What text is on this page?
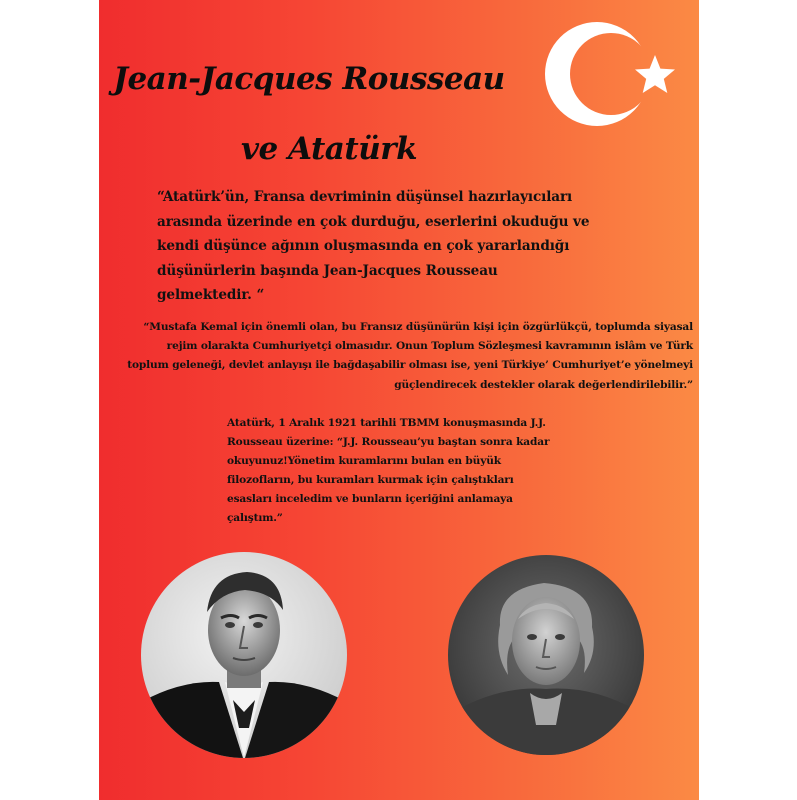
Jean-Jacques Rousseau
ve Atatürk
“Atatürk’ün, Fransa devriminin düşünsel hazırlayıcıları arasında üzerinde en çok durduğu, eserlerini okuduğu ve kendi düşünce ağının oluşmasında en çok yararlandığı düşünürlerin başında Jean-Jacques Rousseau gelmektedir. “
“Mustafa Kemal için önemli olan, bu Fransız düşünürün kişi için özgürlükçü, toplumda siyasal rejim olarakta Cumhuriyetçi olmasıdır. Onun Toplum Sözleşmesi kavramının islâm ve Türk toplum geleneği, devlet anlayışı ile bağdaşabilir olması ise, yeni Türkiye’ Cumhuriyet’e yönelmeyi güçlendirecek destekler olarak değerlendirilebilir.”
Atatürk, 1 Aralık 1921 tarihli TBMM konuşmasında J.J. Rousseau üzerine: “J.J. Rousseau’yu baştan sonra kadar okuyunuz!Yönetim kuramlarını bulan en büyük filozofların, bu kuramları kurmak için çalıştıkları esasları inceledim ve bunların içeriğini anlamaya çalıştım.”
